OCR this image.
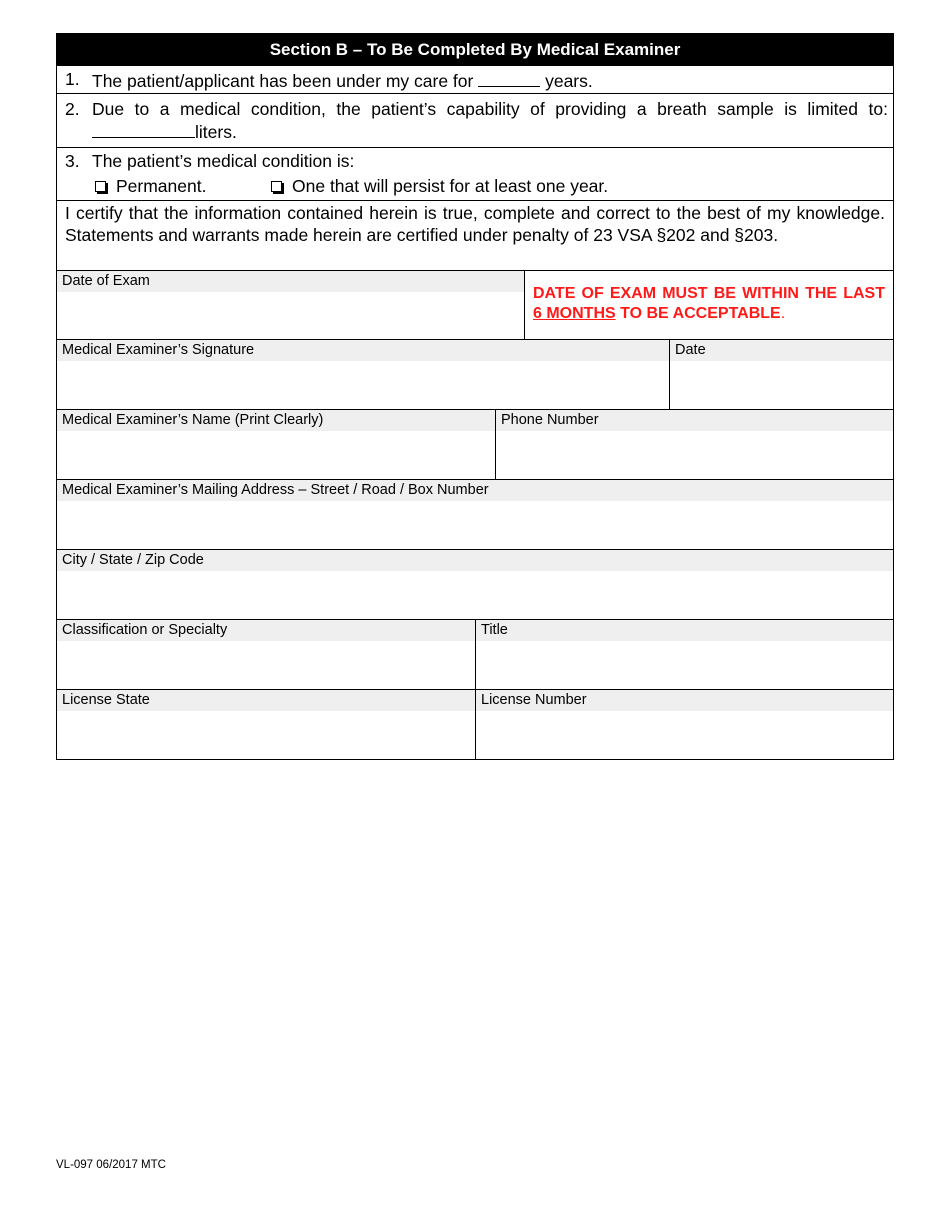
Section B – To Be Completed By Medical Examiner
1. The patient/applicant has been under my care for	years.
2. Due to a medical condition, the patient’s capability of providing a breath sample is limited to:liters.
3. The patient’s medical condition is:
Permanent.	One that will persist for at least one year.
I certify that the information contained herein is true, complete and correct to the best of my knowledge. Statements and warrants made herein are certified under penalty of 23 VSA §202 and §203.
Date of Exam
DATE OF EXAM MUST BE WITHIN THE LAST 6 MONTHS TO BE ACCEPTABLE.
Medical Examiner’s Signature	Date
Medical Examiner’s Name (Print Clearly)	Phone Number
Medical Examiner’s Mailing Address – Street / Road / Box Number
City / State / Zip Code
Classification or Specialty	Title
License State	License Number
VL-097 06/2017 MTC
